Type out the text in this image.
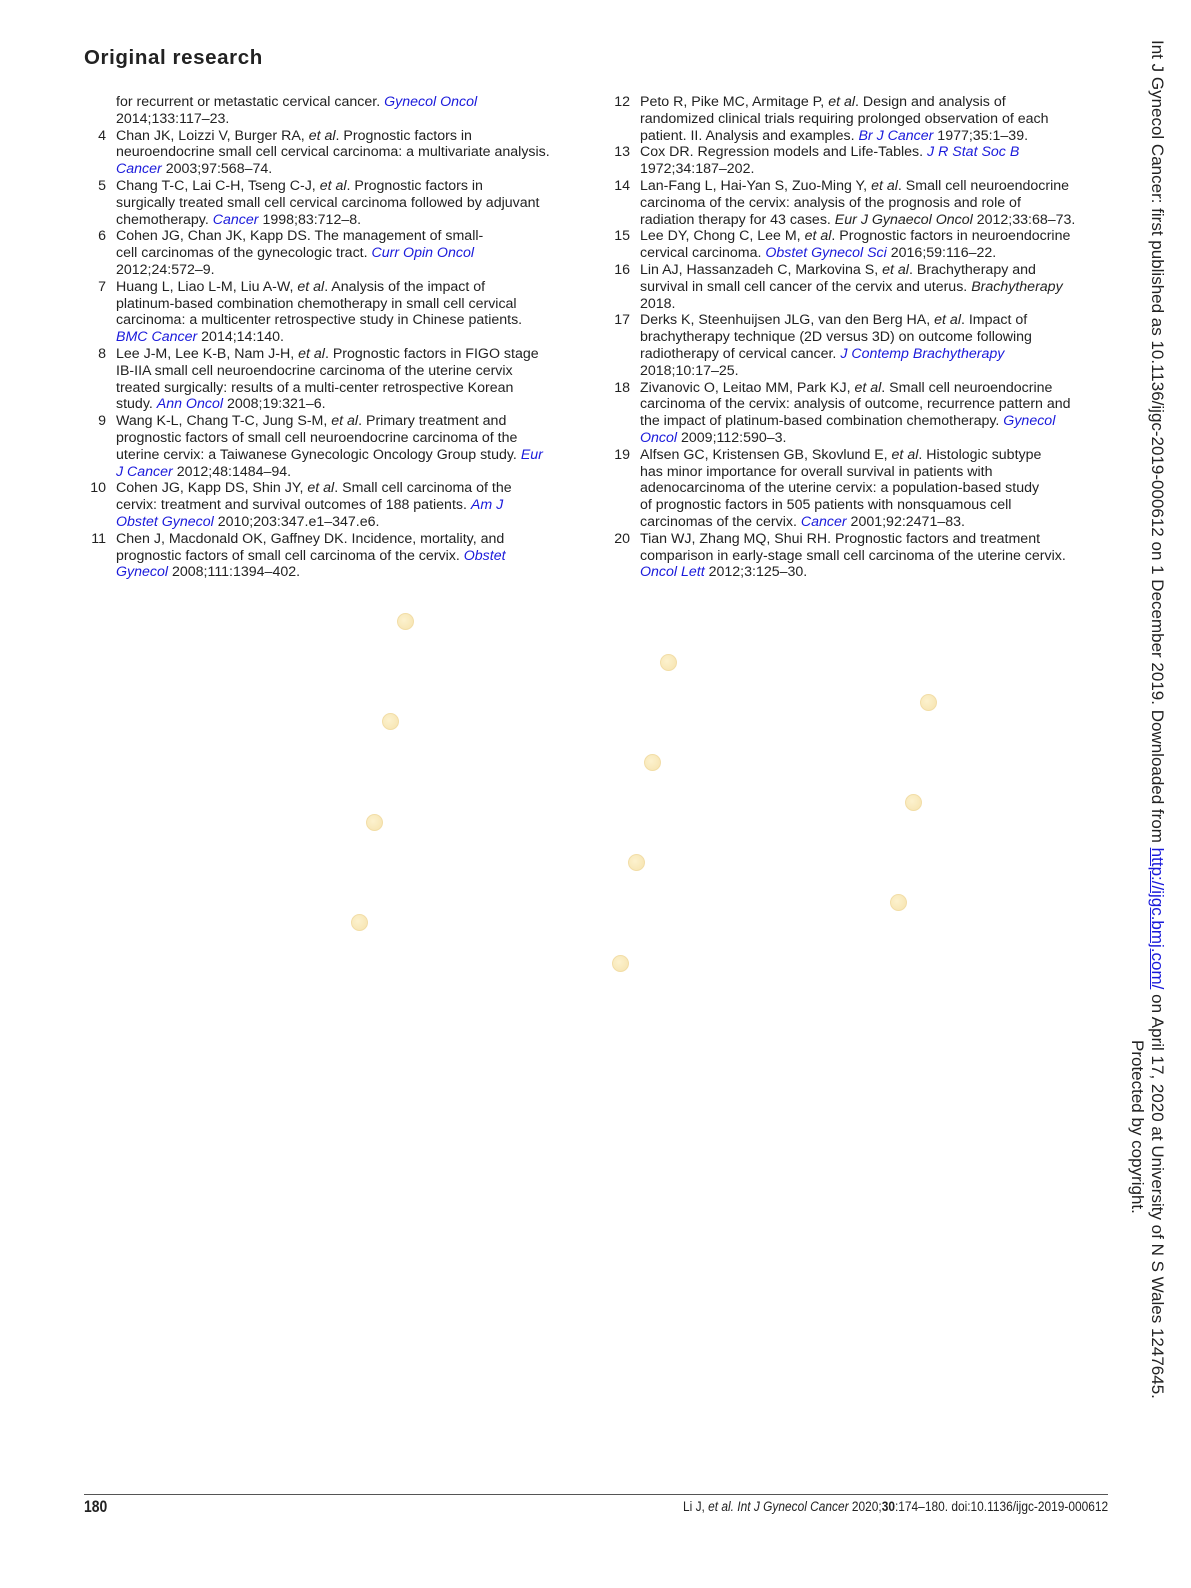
Original research
for recurrent or metastatic cervical cancer. Gynecol Oncol
2014;133:117–23.
4 Chan JK, Loizzi V, Burger RA, et al. Prognostic factors in
neuroendocrine small cell cervical carcinoma: a multivariate analysis.
Cancer 2003;97:568–74.
5 Chang T-C, Lai C-H, Tseng C-J, et al. Prognostic factors in
surgically treated small cell cervical carcinoma followed by adjuvant
chemotherapy. Cancer 1998;83:712–8.
6 Cohen JG, Chan JK, Kapp DS. The management of small-
cell carcinomas of the gynecologic tract. Curr Opin Oncol
2012;24:572–9.
7 Huang L, Liao L-M, Liu A-W, et al. Analysis of the impact of
platinum-based combination chemotherapy in small cell cervical
carcinoma: a multicenter retrospective study in Chinese patients.
BMC Cancer 2014;14:140.
8 Lee J-M, Lee K-B, Nam J-H, et al. Prognostic factors in FIGO stage
IB-IIA small cell neuroendocrine carcinoma of the uterine cervix
treated surgically: results of a multi-center retrospective Korean
study. Ann Oncol 2008;19:321–6.
9 Wang K-L, Chang T-C, Jung S-M, et al. Primary treatment and
prognostic factors of small cell neuroendocrine carcinoma of the
uterine cervix: a Taiwanese Gynecologic Oncology Group study. Eur
J Cancer 2012;48:1484–94.
10 Cohen JG, Kapp DS, Shin JY, et al. Small cell carcinoma of the
cervix: treatment and survival outcomes of 188 patients. Am J
Obstet Gynecol 2010;203:347.e1–347.e6.
11 Chen J, Macdonald OK, Gaffney DK. Incidence, mortality, and
prognostic factors of small cell carcinoma of the cervix. Obstet
Gynecol 2008;111:1394–402.
12 Peto R, Pike MC, Armitage P, et al. Design and analysis of
randomized clinical trials requiring prolonged observation of each
patient. II. Analysis and examples. Br J Cancer 1977;35:1–39.
13 Cox DR. Regression models and Life-Tables. J R Stat Soc B
1972;34:187–202.
14 Lan-Fang L, Hai-Yan S, Zuo-Ming Y, et al. Small cell neuroendocrine
carcinoma of the cervix: analysis of the prognosis and role of
radiation therapy for 43 cases. Eur J Gynaecol Oncol 2012;33:68–73.
15 Lee DY, Chong C, Lee M, et al. Prognostic factors in neuroendocrine
cervical carcinoma. Obstet Gynecol Sci 2016;59:116–22.
16 Lin AJ, Hassanzadeh C, Markovina S, et al. Brachytherapy and
survival in small cell cancer of the cervix and uterus. Brachytherapy
2018.
17 Derks K, Steenhuijsen JLG, van den Berg HA, et al. Impact of
brachytherapy technique (2D versus 3D) on outcome following
radiotherapy of cervical cancer. J Contemp Brachytherapy
2018;10:17–25.
18 Zivanovic O, Leitao MM, Park KJ, et al. Small cell neuroendocrine
carcinoma of the cervix: analysis of outcome, recurrence pattern and
the impact of platinum-based combination chemotherapy. Gynecol
Oncol 2009;112:590–3.
19 Alfsen GC, Kristensen GB, Skovlund E, et al. Histologic subtype
has minor importance for overall survival in patients with
adenocarcinoma of the uterine cervix: a population-based study
of prognostic factors in 505 patients with nonsquamous cell
carcinomas of the cervix. Cancer 2001;92:2471–83.
20 Tian WJ, Zhang MQ, Shui RH. Prognostic factors and treatment
comparison in early-stage small cell carcinoma of the uterine cervix.
Oncol Lett 2012;3:125–30.
180	Li J, et al. Int J Gynecol Cancer 2020;30:174–180. doi:10.1136/ijgc-2019-000612
Int J Gynecol Cancer: first published as 10.1136/ijgc-2019-000612 on 1 December 2019. Downloaded from http://ijgc.bmj.com/ on April 17, 2020 at University of N S Wales 1247645.
Protected by copyright.
